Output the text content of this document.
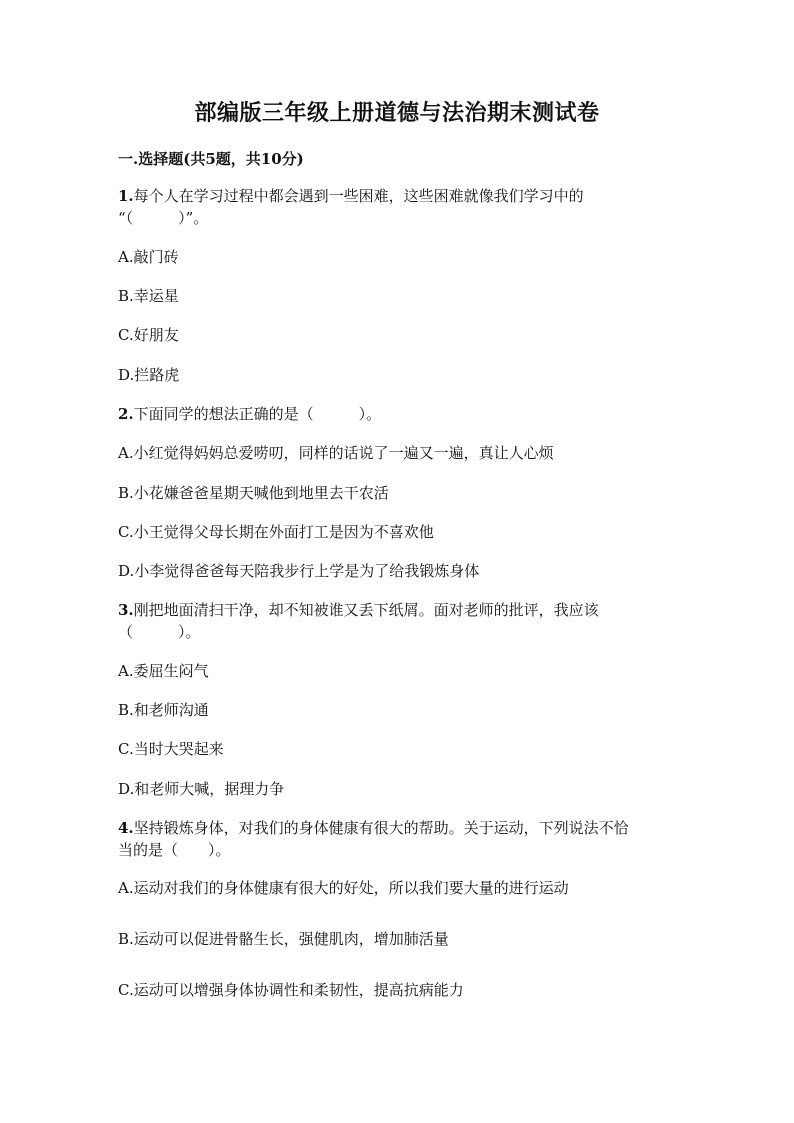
部编版三年级上册道德与法治期末测试卷
一.选择题(共5题，共10分)
1.每个人在学习过程中都会遇到一些困难，这些困难就像我们学习中的
“（　　　）”。
A.敲门砖
B.幸运星
C.好朋友
D.拦路虎
2.下面同学的想法正确的是（　　　）。
A.小红觉得妈妈总爱唠叨，同样的话说了一遍又一遍，真让人心烦
B.小花嫌爸爸星期天喊他到地里去干农活
C.小王觉得父母长期在外面打工是因为不喜欢他
D.小李觉得爸爸每天陪我步行上学是为了给我锻炼身体
3.刚把地面清扫干净，却不知被谁又丢下纸屑。面对老师的批评，我应该
（　　　）。
A.委屈生闷气
B.和老师沟通
C.当时大哭起来
D.和老师大喊，据理力争
4.坚持锻炼身体，对我们的身体健康有很大的帮助。关于运动，下列说法不恰
当的是（　　）。
A.运动对我们的身体健康有很大的好处，所以我们要大量的进行运动
B.运动可以促进骨骼生长，强健肌肉，增加肺活量
C.运动可以增强身体协调性和柔韧性，提高抗病能力
